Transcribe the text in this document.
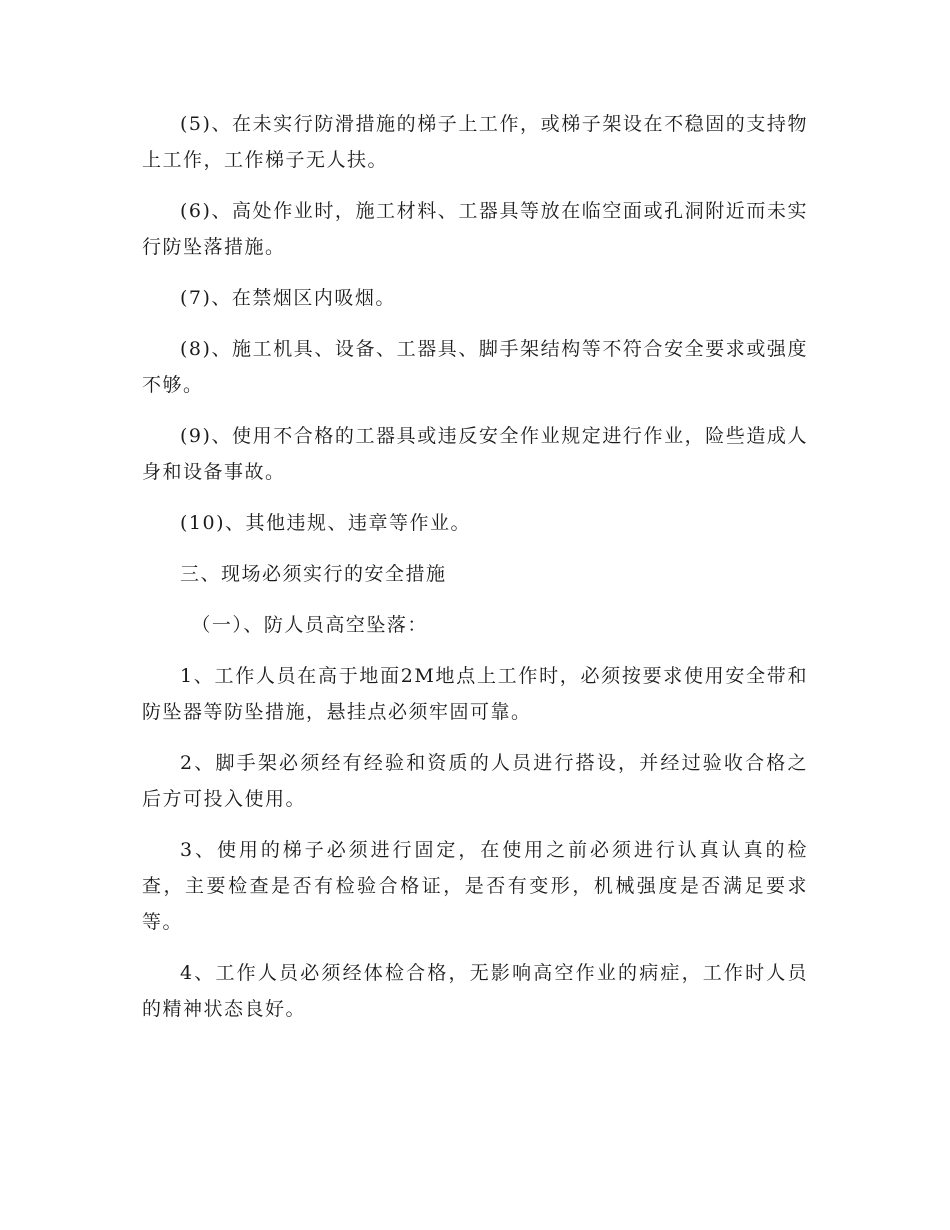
(5)、在未实行防滑措施的梯子上工作，或梯子架设在不稳固的支持物上工作，工作梯子无人扶。

(6)、高处作业时，施工材料、工器具等放在临空面或孔洞附近而未实行防坠落措施。

(7)、在禁烟区内吸烟。

(8)、施工机具、设备、工器具、脚手架结构等不符合安全要求或强度不够。

(9)、使用不合格的工器具或违反安全作业规定进行作业，险些造成人身和设备事故。

(10)、其他违规、违章等作业。

三、现场必须实行的安全措施

（一）、防人员高空坠落：

1、工作人员在高于地面2M地点上工作时，必须按要求使用安全带和防坠器等防坠措施，悬挂点必须牢固可靠。

2、脚手架必须经有经验和资质的人员进行搭设，并经过验收合格之后方可投入使用。

3、使用的梯子必须进行固定，在使用之前必须进行认真认真的检查，主要检查是否有检验合格证，是否有变形，机械强度是否满足要求等。

4、工作人员必须经体检合格，无影响高空作业的病症，工作时人员的精神状态良好。
